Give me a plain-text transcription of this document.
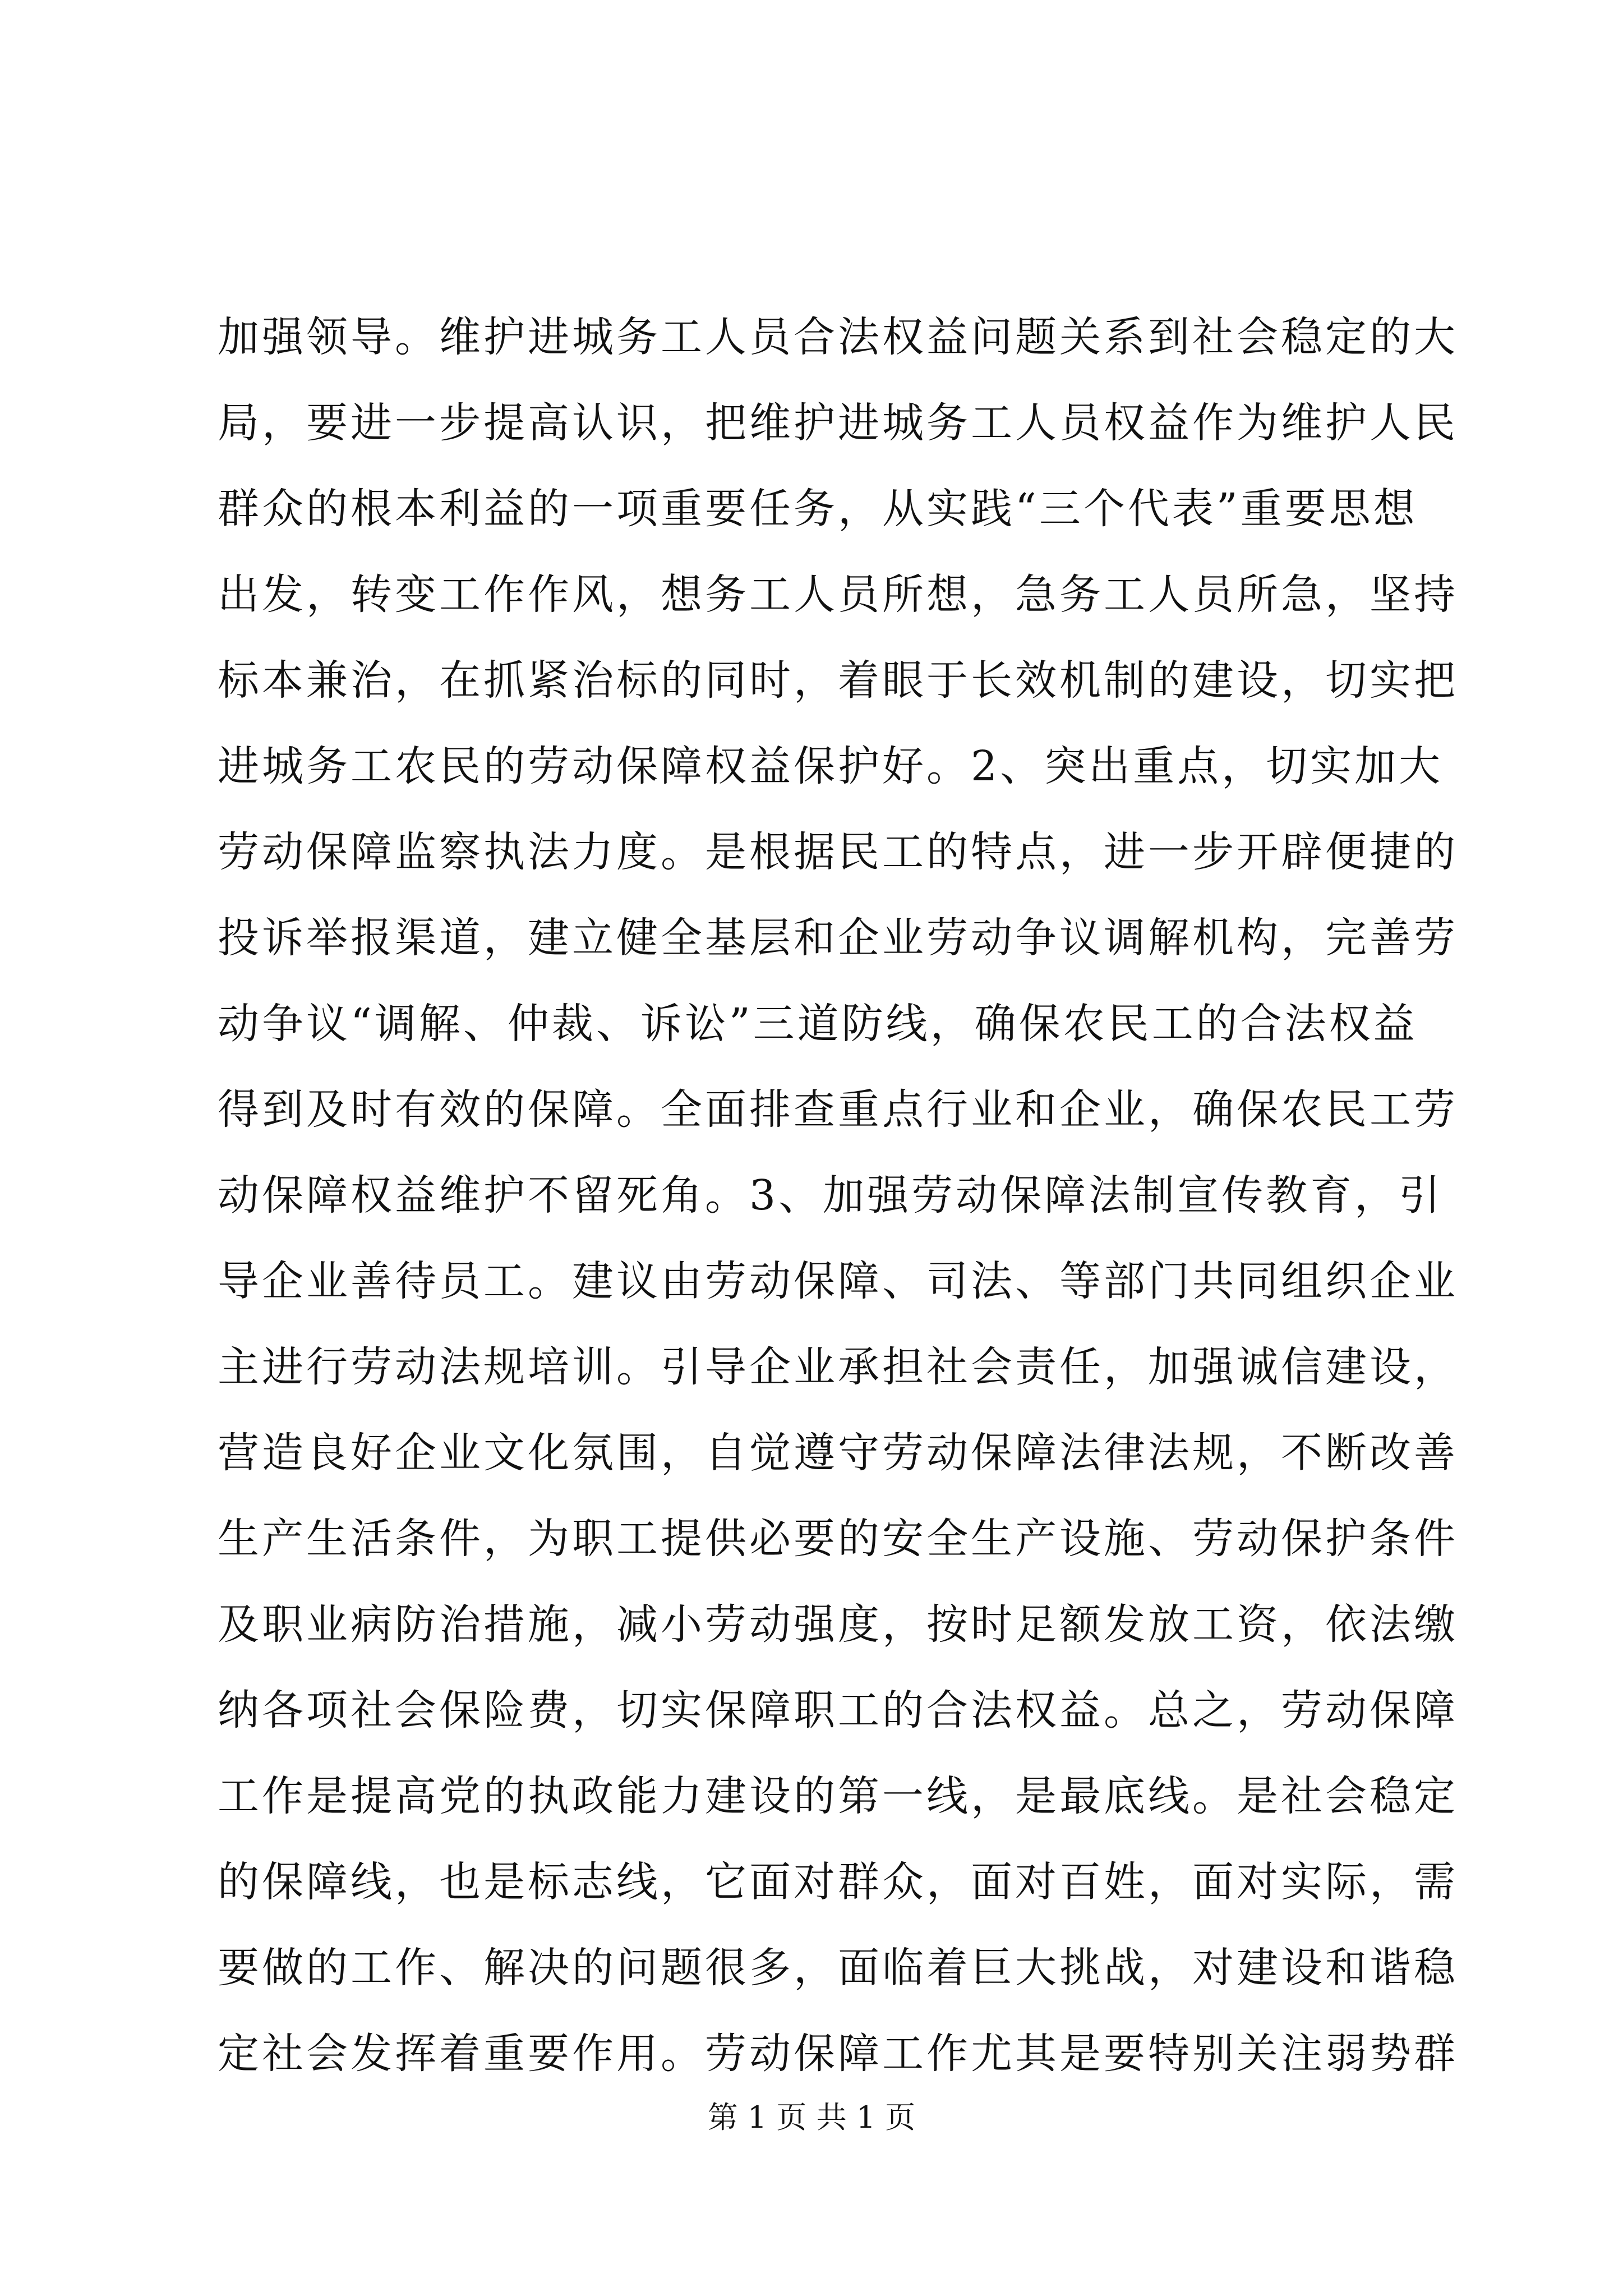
加强领导。维护进城务工人员合法权益问题关系到社会稳定的大
局，要进一步提高认识，把维护进城务工人员权益作为维护人民
群众的根本利益的一项重要任务，从实践“三个代表”重要思想
出发，转变工作作风，想务工人员所想，急务工人员所急，坚持
标本兼治，在抓紧治标的同时，着眼于长效机制的建设，切实把
进城务工农民的劳动保障权益保护好。2、突出重点，切实加大
劳动保障监察执法力度。是根据民工的特点，进一步开辟便捷的
投诉举报渠道，建立健全基层和企业劳动争议调解机构，完善劳
动争议“调解、仲裁、诉讼”三道防线，确保农民工的合法权益
得到及时有效的保障。全面排查重点行业和企业，确保农民工劳
动保障权益维护不留死角。3、加强劳动保障法制宣传教育，引
导企业善待员工。建议由劳动保障、司法、等部门共同组织企业
主进行劳动法规培训。引导企业承担社会责任，加强诚信建设，
营造良好企业文化氛围，自觉遵守劳动保障法律法规，不断改善
生产生活条件，为职工提供必要的安全生产设施、劳动保护条件
及职业病防治措施，减小劳动强度，按时足额发放工资，依法缴
纳各项社会保险费，切实保障职工的合法权益。总之，劳动保障
工作是提高党的执政能力建设的第一线，是最底线。是社会稳定
的保障线，也是标志线，它面对群众，面对百姓，面对实际，需
要做的工作、解决的问题很多，面临着巨大挑战，对建设和谐稳
定社会发挥着重要作用。劳动保障工作尤其是要特别关注弱势群
第 1 页 共 1 页
